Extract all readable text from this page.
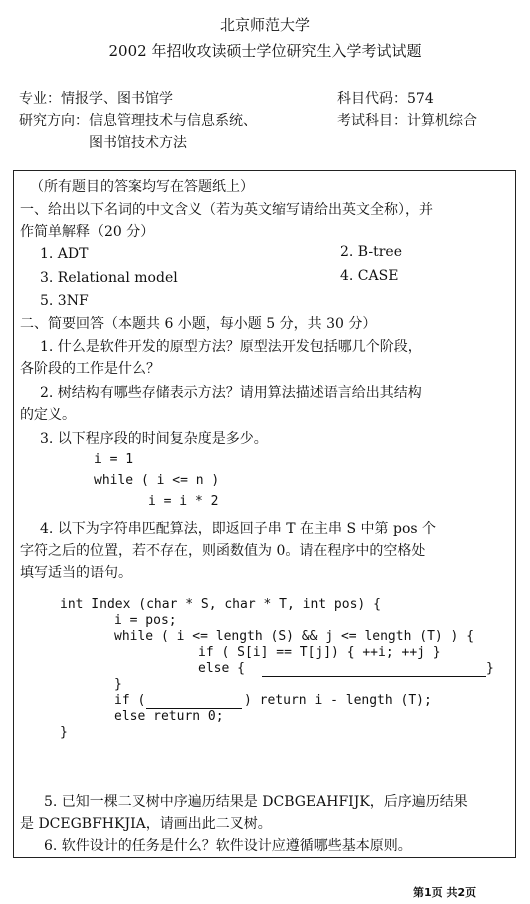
北京师范大学
2002 年招收攻读硕士学位研究生入学考试试题
专业：情报学、图书馆学
研究方向：信息管理技术与信息系统、
图书馆技术方法
科目代码：574
考试科目：计算机综合
（所有题目的答案均写在答题纸上）
一、给出以下名词的中文含义（若为英文缩写请给出英文全称），并
作简单解释（20 分）
1. ADT	2. B-tree
3. Relational model	4. CASE
5. 3NF
二、简要回答（本题共 6 小题，每小题 5 分，共 30 分）
1. 什么是软件开发的原型方法？原型法开发包括哪几个阶段，
各阶段的工作是什么？
2. 树结构有哪些存储表示方法？请用算法描述语言给出其结构
的定义。
3. 以下程序段的时间复杂度是多少。
i = 1
while ( i <= n )
i = i * 2
4. 以下为字符串匹配算法，即返回子串 T 在主串 S 中第 pos 个
字符之后的位置，若不存在，则函数值为 0。请在程序中的空格处
填写适当的语句。
int Index (char * S, char * T, int pos) {
i = pos;
while ( i <= length (S) && j <= length (T) ) {
if ( S[i] == T[j]) { ++i; ++j }
else {	}
}
if (	) return i - length (T);
else return 0;
}
5. 已知一棵二叉树中序遍历结果是 DCBGEAHFIJK，后序遍历结果
是 DCEGBFHKJIA，请画出此二叉树。
6. 软件设计的任务是什么？软件设计应遵循哪些基本原则。
第1页 共2页
